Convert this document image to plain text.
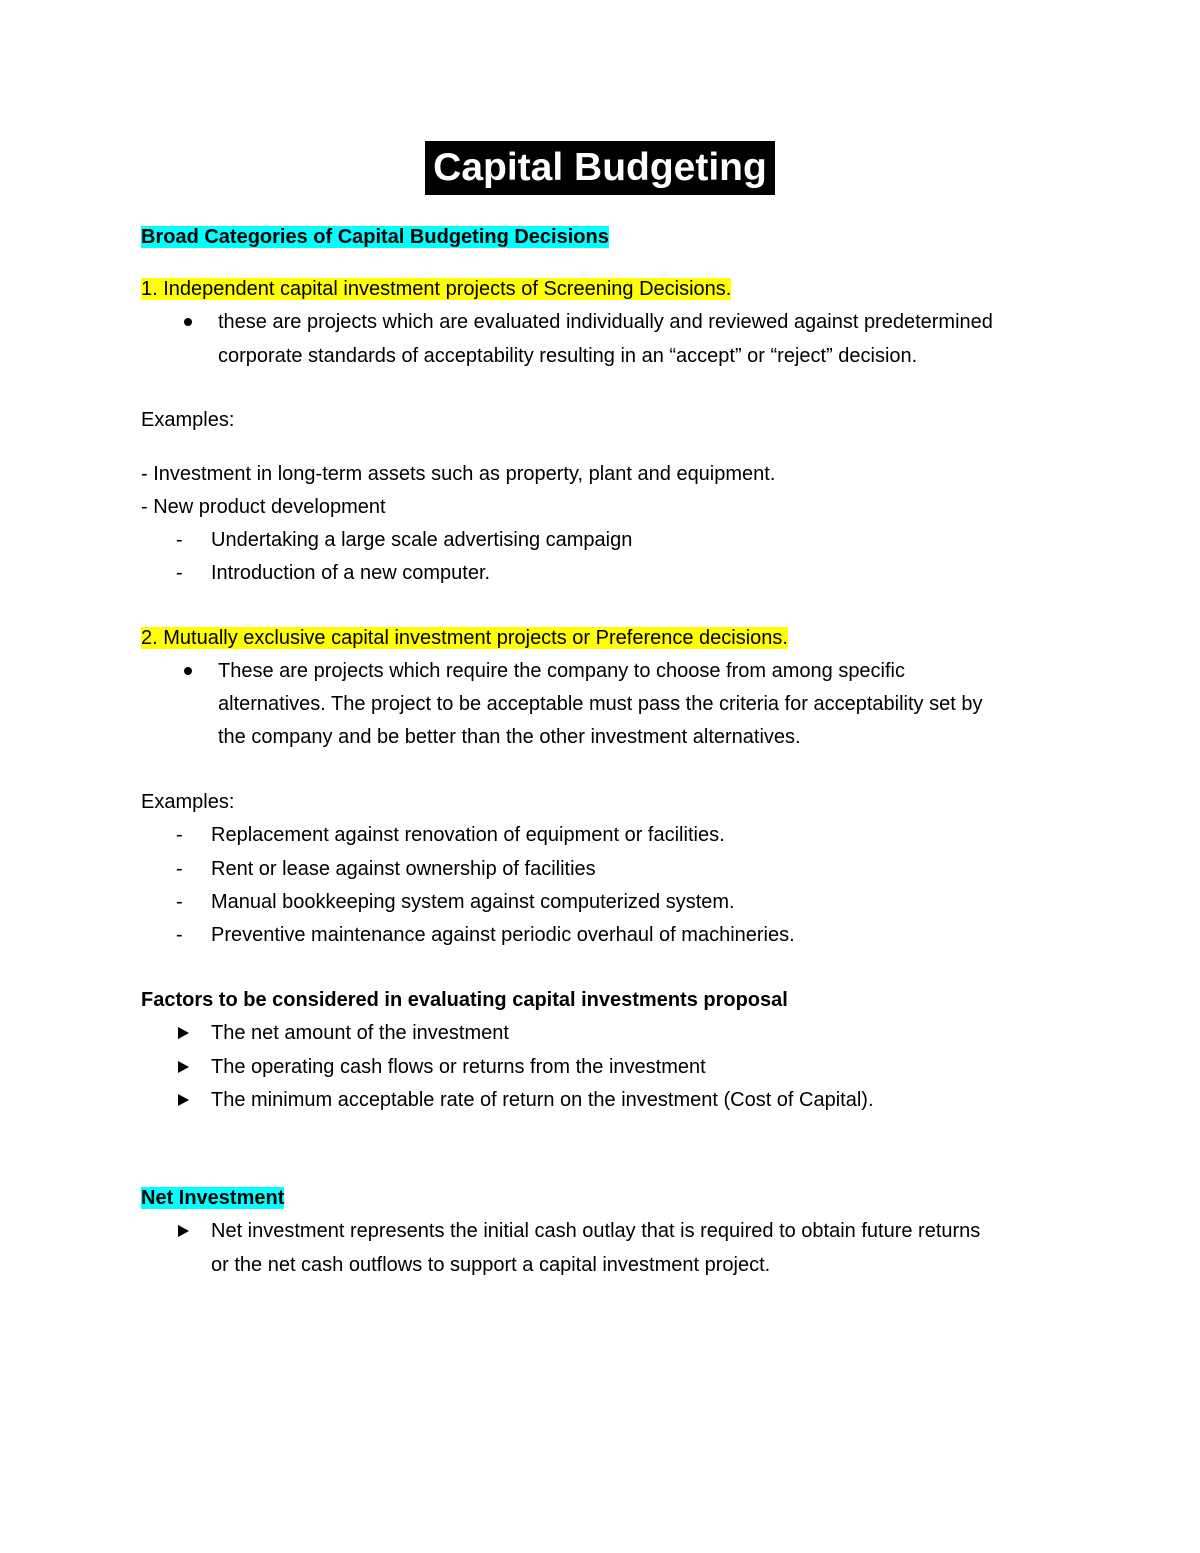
Capital Budgeting
Broad Categories of Capital Budgeting Decisions
1. Independent capital investment projects of Screening Decisions.
these are projects which are evaluated individually and reviewed against predetermined
corporate standards of acceptability resulting in an “accept” or “reject” decision.
Examples:
- Investment in long-term assets such as property, plant and equipment.
- New product development
- Undertaking a large scale advertising campaign
- Introduction of a new computer.
2. Mutually exclusive capital investment projects or Preference decisions.
These are projects which require the company to choose from among specific
alternatives. The project to be acceptable must pass the criteria for acceptability set by
the company and be better than the other investment alternatives.
Examples:
- Replacement against renovation of equipment or facilities.
- Rent or lease against ownership of facilities
- Manual bookkeeping system against computerized system.
- Preventive maintenance against periodic overhaul of machineries.
Factors to be considered in evaluating capital investments proposal
The net amount of the investment
The operating cash flows or returns from the investment
The minimum acceptable rate of return on the investment (Cost of Capital).
Net Investment
Net investment represents the initial cash outlay that is required to obtain future returns
or the net cash outflows to support a capital investment project.
